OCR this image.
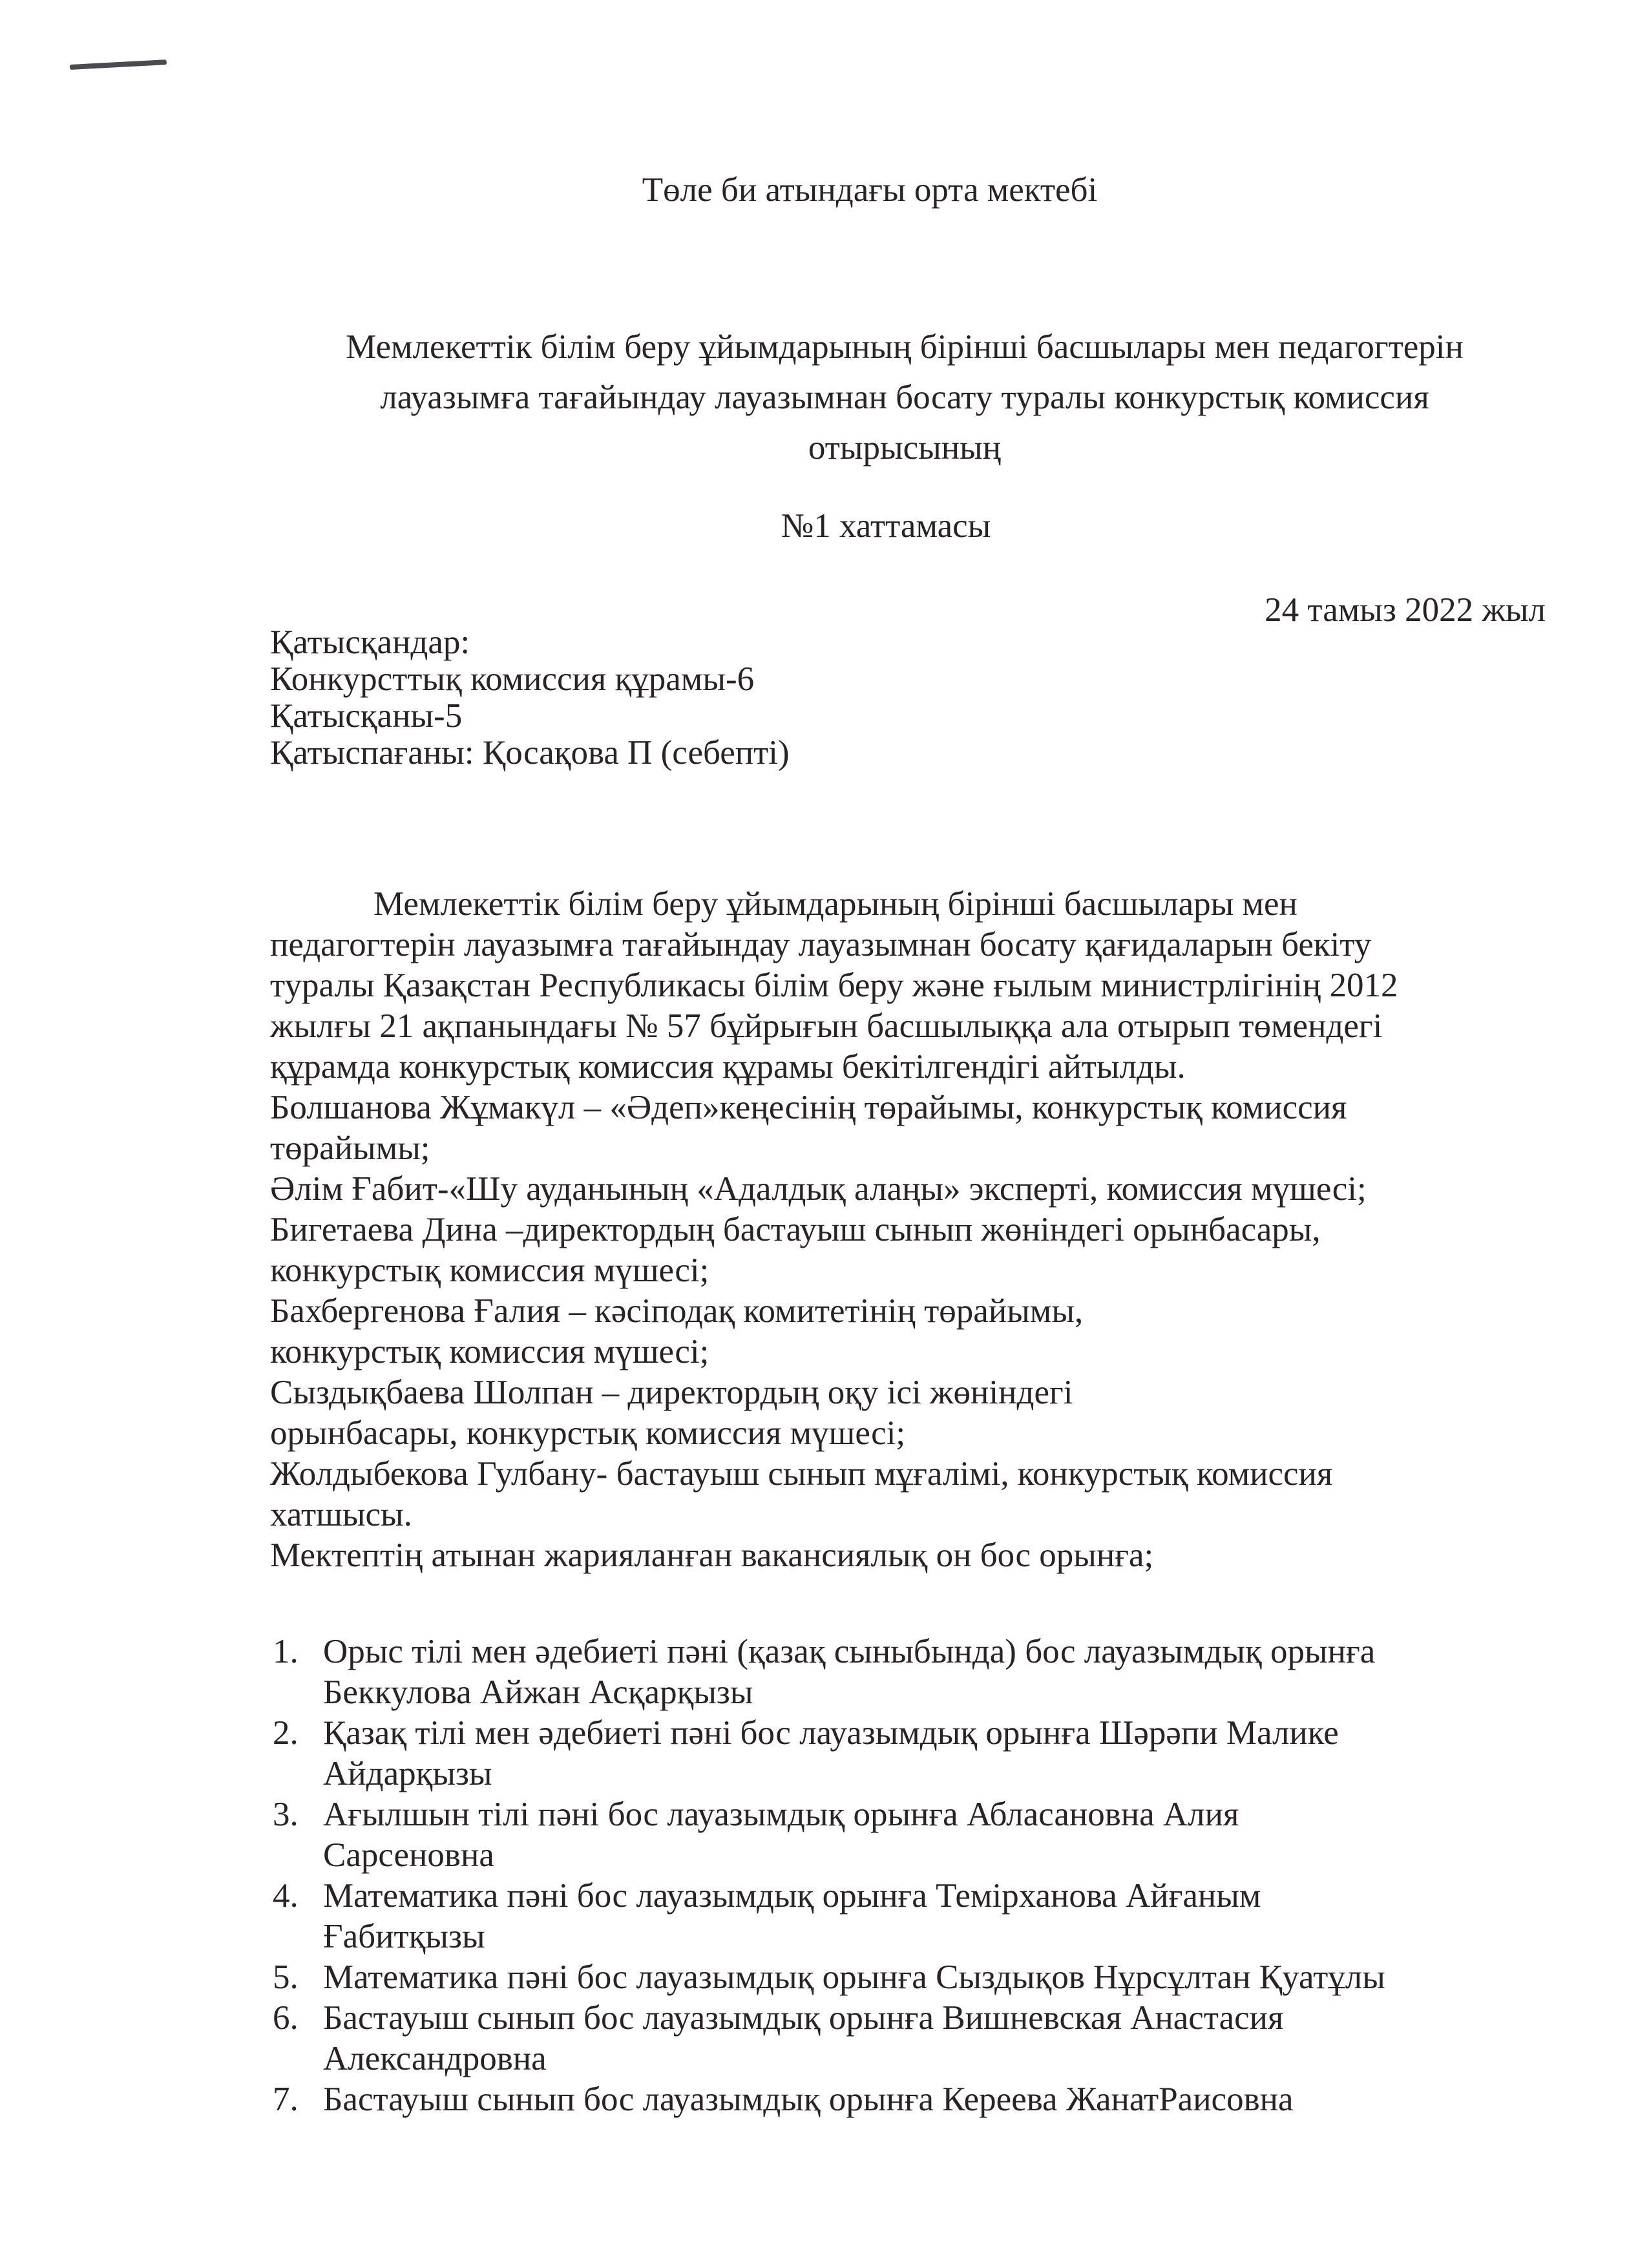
Төле би атындағы орта мектебі
Мемлекеттік білім беру ұйымдарының бірінші басшылары мен педагогтерін
лауазымға тағайындау лауазымнан босату туралы конкурстық комиссия
отырысының
№1 хаттамасы
24 тамыз 2022 жыл
Қатысқандар:
Конкурсттық комиссия құрамы-6
Қатысқаны-5
Қатыспағаны: Қосақова П (себепті)
Мемлекеттік білім беру ұйымдарының бірінші басшылары мен
педагогтерін лауазымға тағайындау лауазымнан босату қағидаларын бекіту
туралы Қазақстан Республикасы білім беру және ғылым министрлігінің 2012
жылғы 21 ақпанындағы № 57 бұйрығын басшылыққа ала отырып төмендегі
құрамда конкурстық комиссия құрамы бекітілгендігі айтылды.
Болшанова Жұмакүл – «Әдеп»кеңесінің төрайымы, конкурстық комиссия
төрайымы;
Әлім Ғабит-«Шу ауданының «Адалдық алаңы» эксперті, комиссия мүшесі;
Бигетаева Дина –директордың бастауыш сынып жөніндегі орынбасары,
конкурстық комиссия мүшесі;
Бахбергенова Ғалия – кәсіподақ комитетінің төрайымы,
конкурстық комиссия мүшесі;
Сыздықбаева Шолпан – директордың оқу ісі жөніндегі
орынбасары, конкурстық комиссия мүшесі;
Жолдыбекова Гулбану- бастауыш сынып мұғалімі, конкурстық комиссия
хатшысы.
Мектептің атынан жарияланған вакансиялық он бос орынға;
1. Орыс тілі мен әдебиеті пәні (қазақ сыныбында) бос лауазымдық орынға
Беккулова Айжан Асқарқызы
2. Қазақ тілі мен әдебиеті пәні бос лауазымдық орынға Шәрәпи Малике
Айдарқызы
3. Ағылшын тілі пәні бос лауазымдық орынға Абласановна Алия
Сарсеновна
4. Математика пәні бос лауазымдық орынға Темірханова Айғаным
Ғабитқызы
5. Математика пәні бос лауазымдық орынға Сыздықов Нұрсұлтан Қуатұлы
6. Бастауыш сынып бос лауазымдық орынға Вишневская Анастасия
Александровна
7. Бастауыш сынып бос лауазымдық орынға Кереева ЖанатРаисовна
